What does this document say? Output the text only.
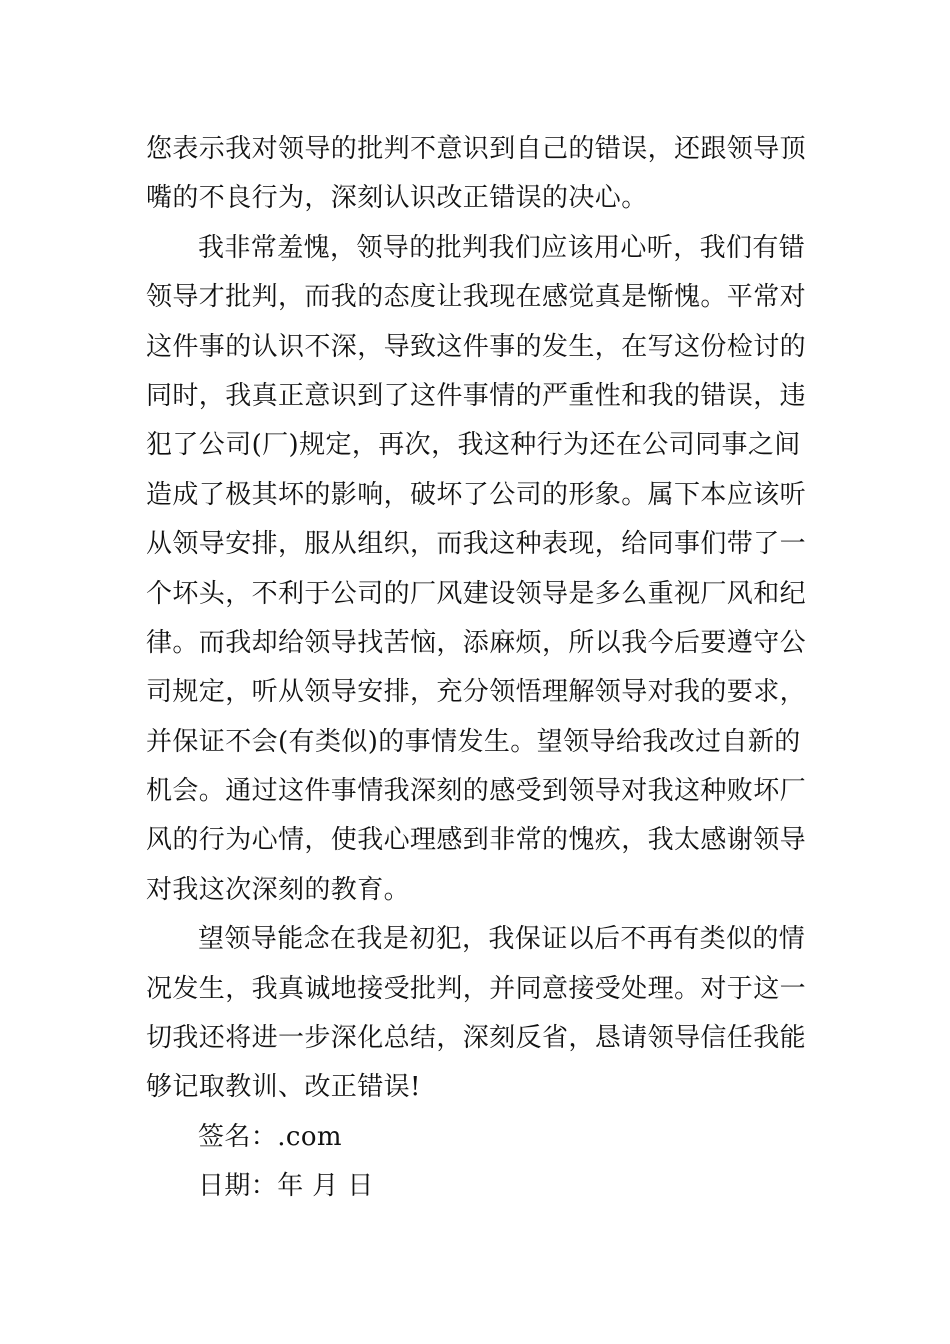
您表示我对领导的批判不意识到自己的错误，还跟领导顶
嘴的不良行为，深刻认识改正错误的决心。
我非常羞愧，领导的批判我们应该用心听，我们有错
领导才批判，而我的态度让我现在感觉真是惭愧。平常对
这件事的认识不深，导致这件事的发生，在写这份检讨的
同时，我真正意识到了这件事情的严重性和我的错误，违
犯了公司(厂)规定，再次，我这种行为还在公司同事之间
造成了极其坏的影响，破坏了公司的形象。属下本应该听
从领导安排，服从组织，而我这种表现，给同事们带了一
个坏头，不利于公司的厂风建设领导是多么重视厂风和纪
律。而我却给领导找苦恼，添麻烦，所以我今后要遵守公
司规定，听从领导安排，充分领悟理解领导对我的要求，
并保证不会(有类似)的事情发生。望领导给我改过自新的
机会。通过这件事情我深刻的感受到领导对我这种败坏厂
风的行为心情，使我心理感到非常的愧疚，我太感谢领导
对我这次深刻的教育。
望领导能念在我是初犯，我保证以后不再有类似的情
况发生，我真诚地接受批判，并同意接受处理。对于这一
切我还将进一步深化总结，深刻反省，恳请领导信任我能
够记取教训、改正错误!
签名：.com
日期：年 月 日
